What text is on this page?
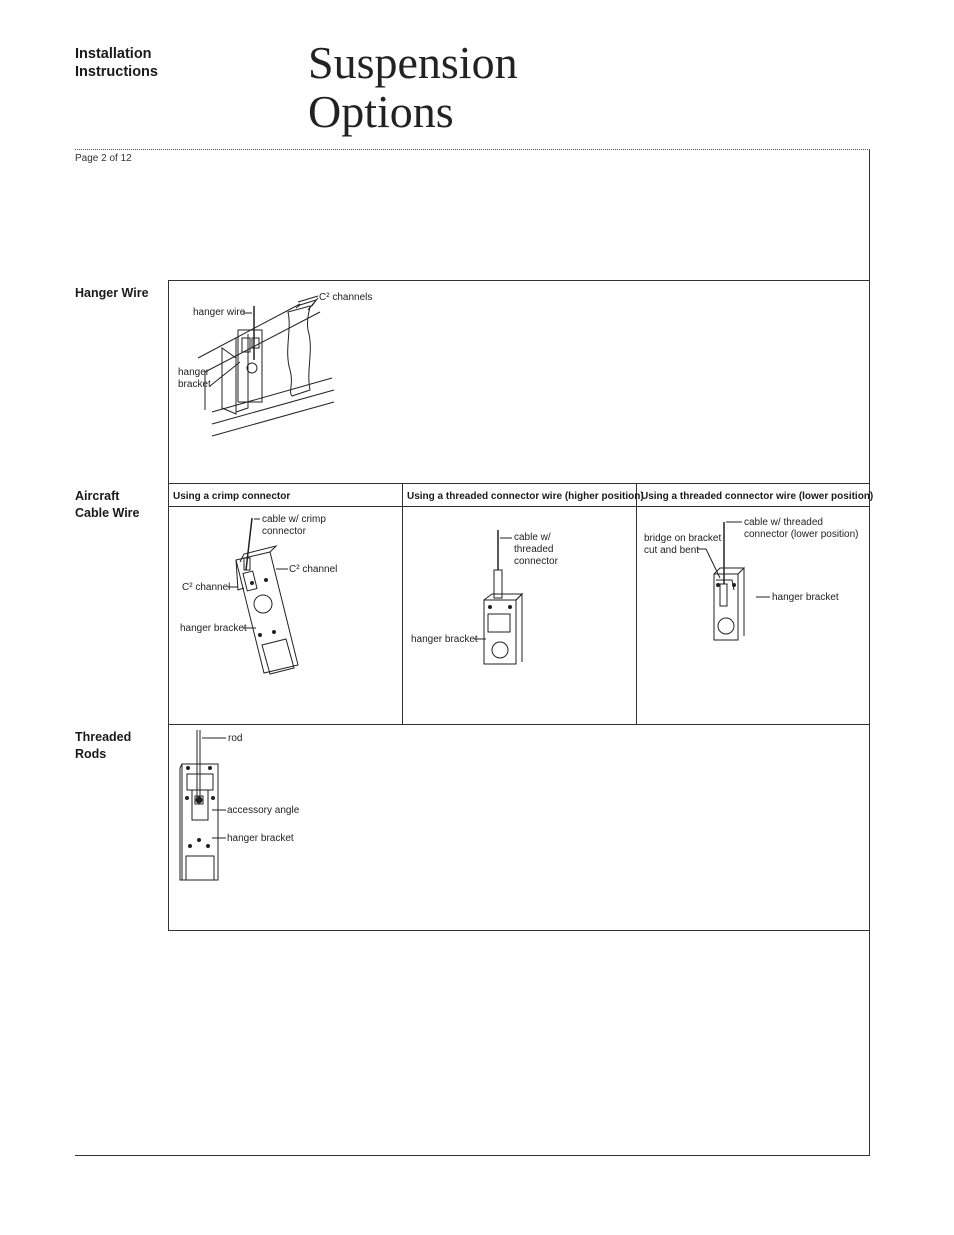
Installation
Instructions	Suspension
Options
Page 2 of 12
Hanger Wire
hanger wire
C² channels
hanger
bracket
Aircraft
Cable Wire
Using a crimp connector	Using a threaded connector wire (higher position)
Using a threaded connector wire (lower position)
cable w/ crimp
connector
C² channel
C² channel
hanger bracket
cable w/
threaded
connector
hanger bracket
cable w/ threaded
connector (lower position)
bridge on bracket
cut and bent
hanger bracket
Threaded
Rods
rod
accessory angle
hanger bracket
